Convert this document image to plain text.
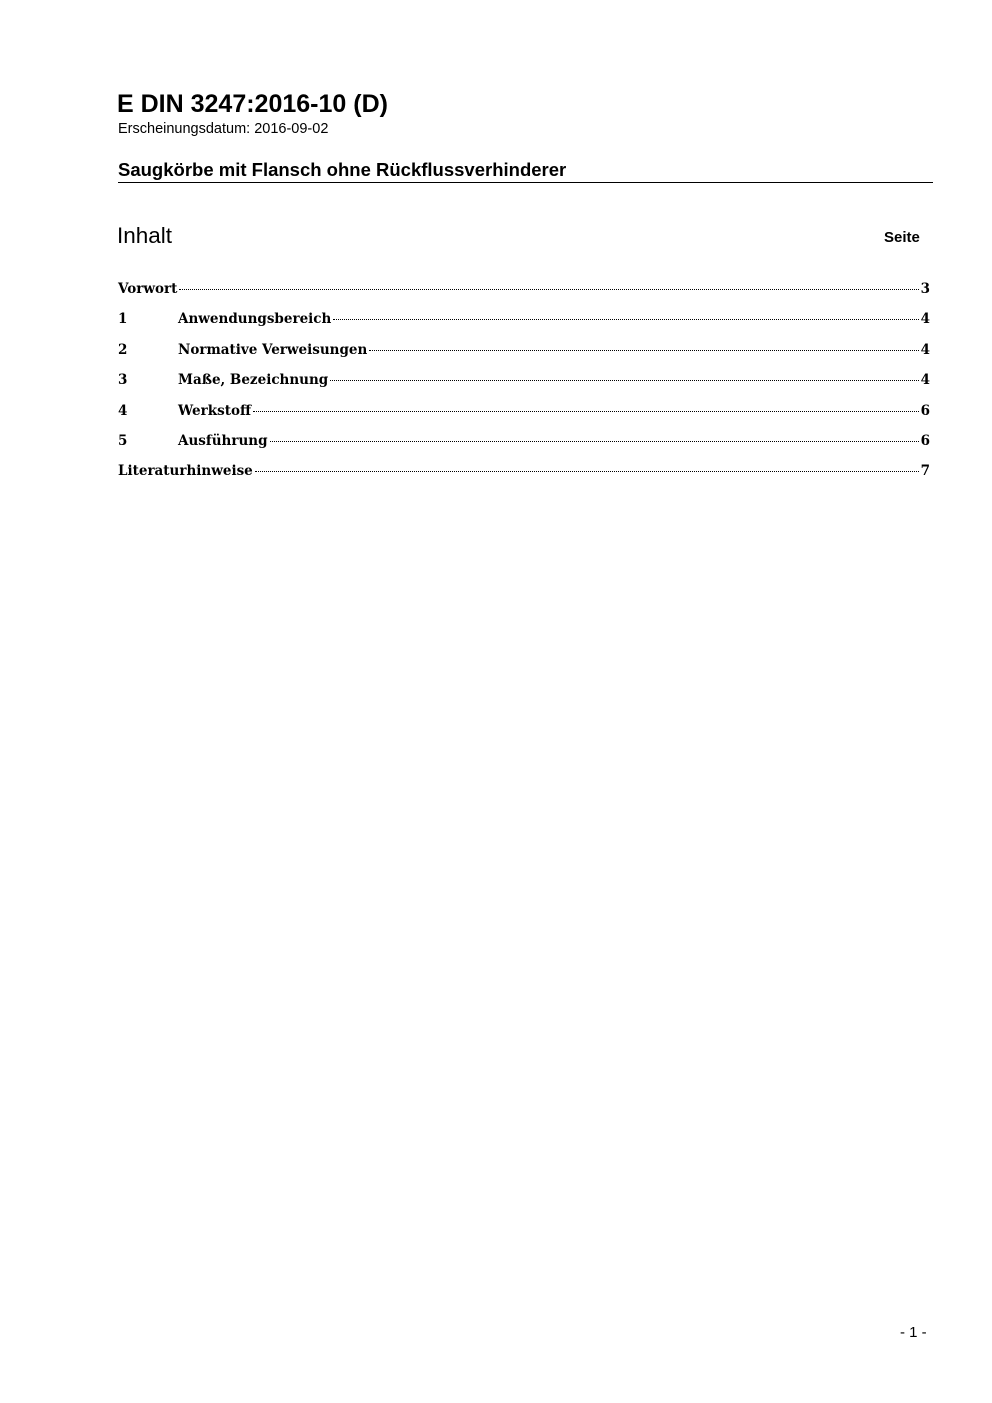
E DIN 3247:2016-10 (D)
Erscheinungsdatum: 2016-09-02
Saugkörbe mit Flansch ohne Rückflussverhinderer
Inhalt	Seite
Vorwort	3
1	Anwendungsbereich	4
2	Normative Verweisungen	4
3	Maße, Bezeichnung	4
4	Werkstoff	6
5	Ausführung	6
Literaturhinweise	7
- 1 -
